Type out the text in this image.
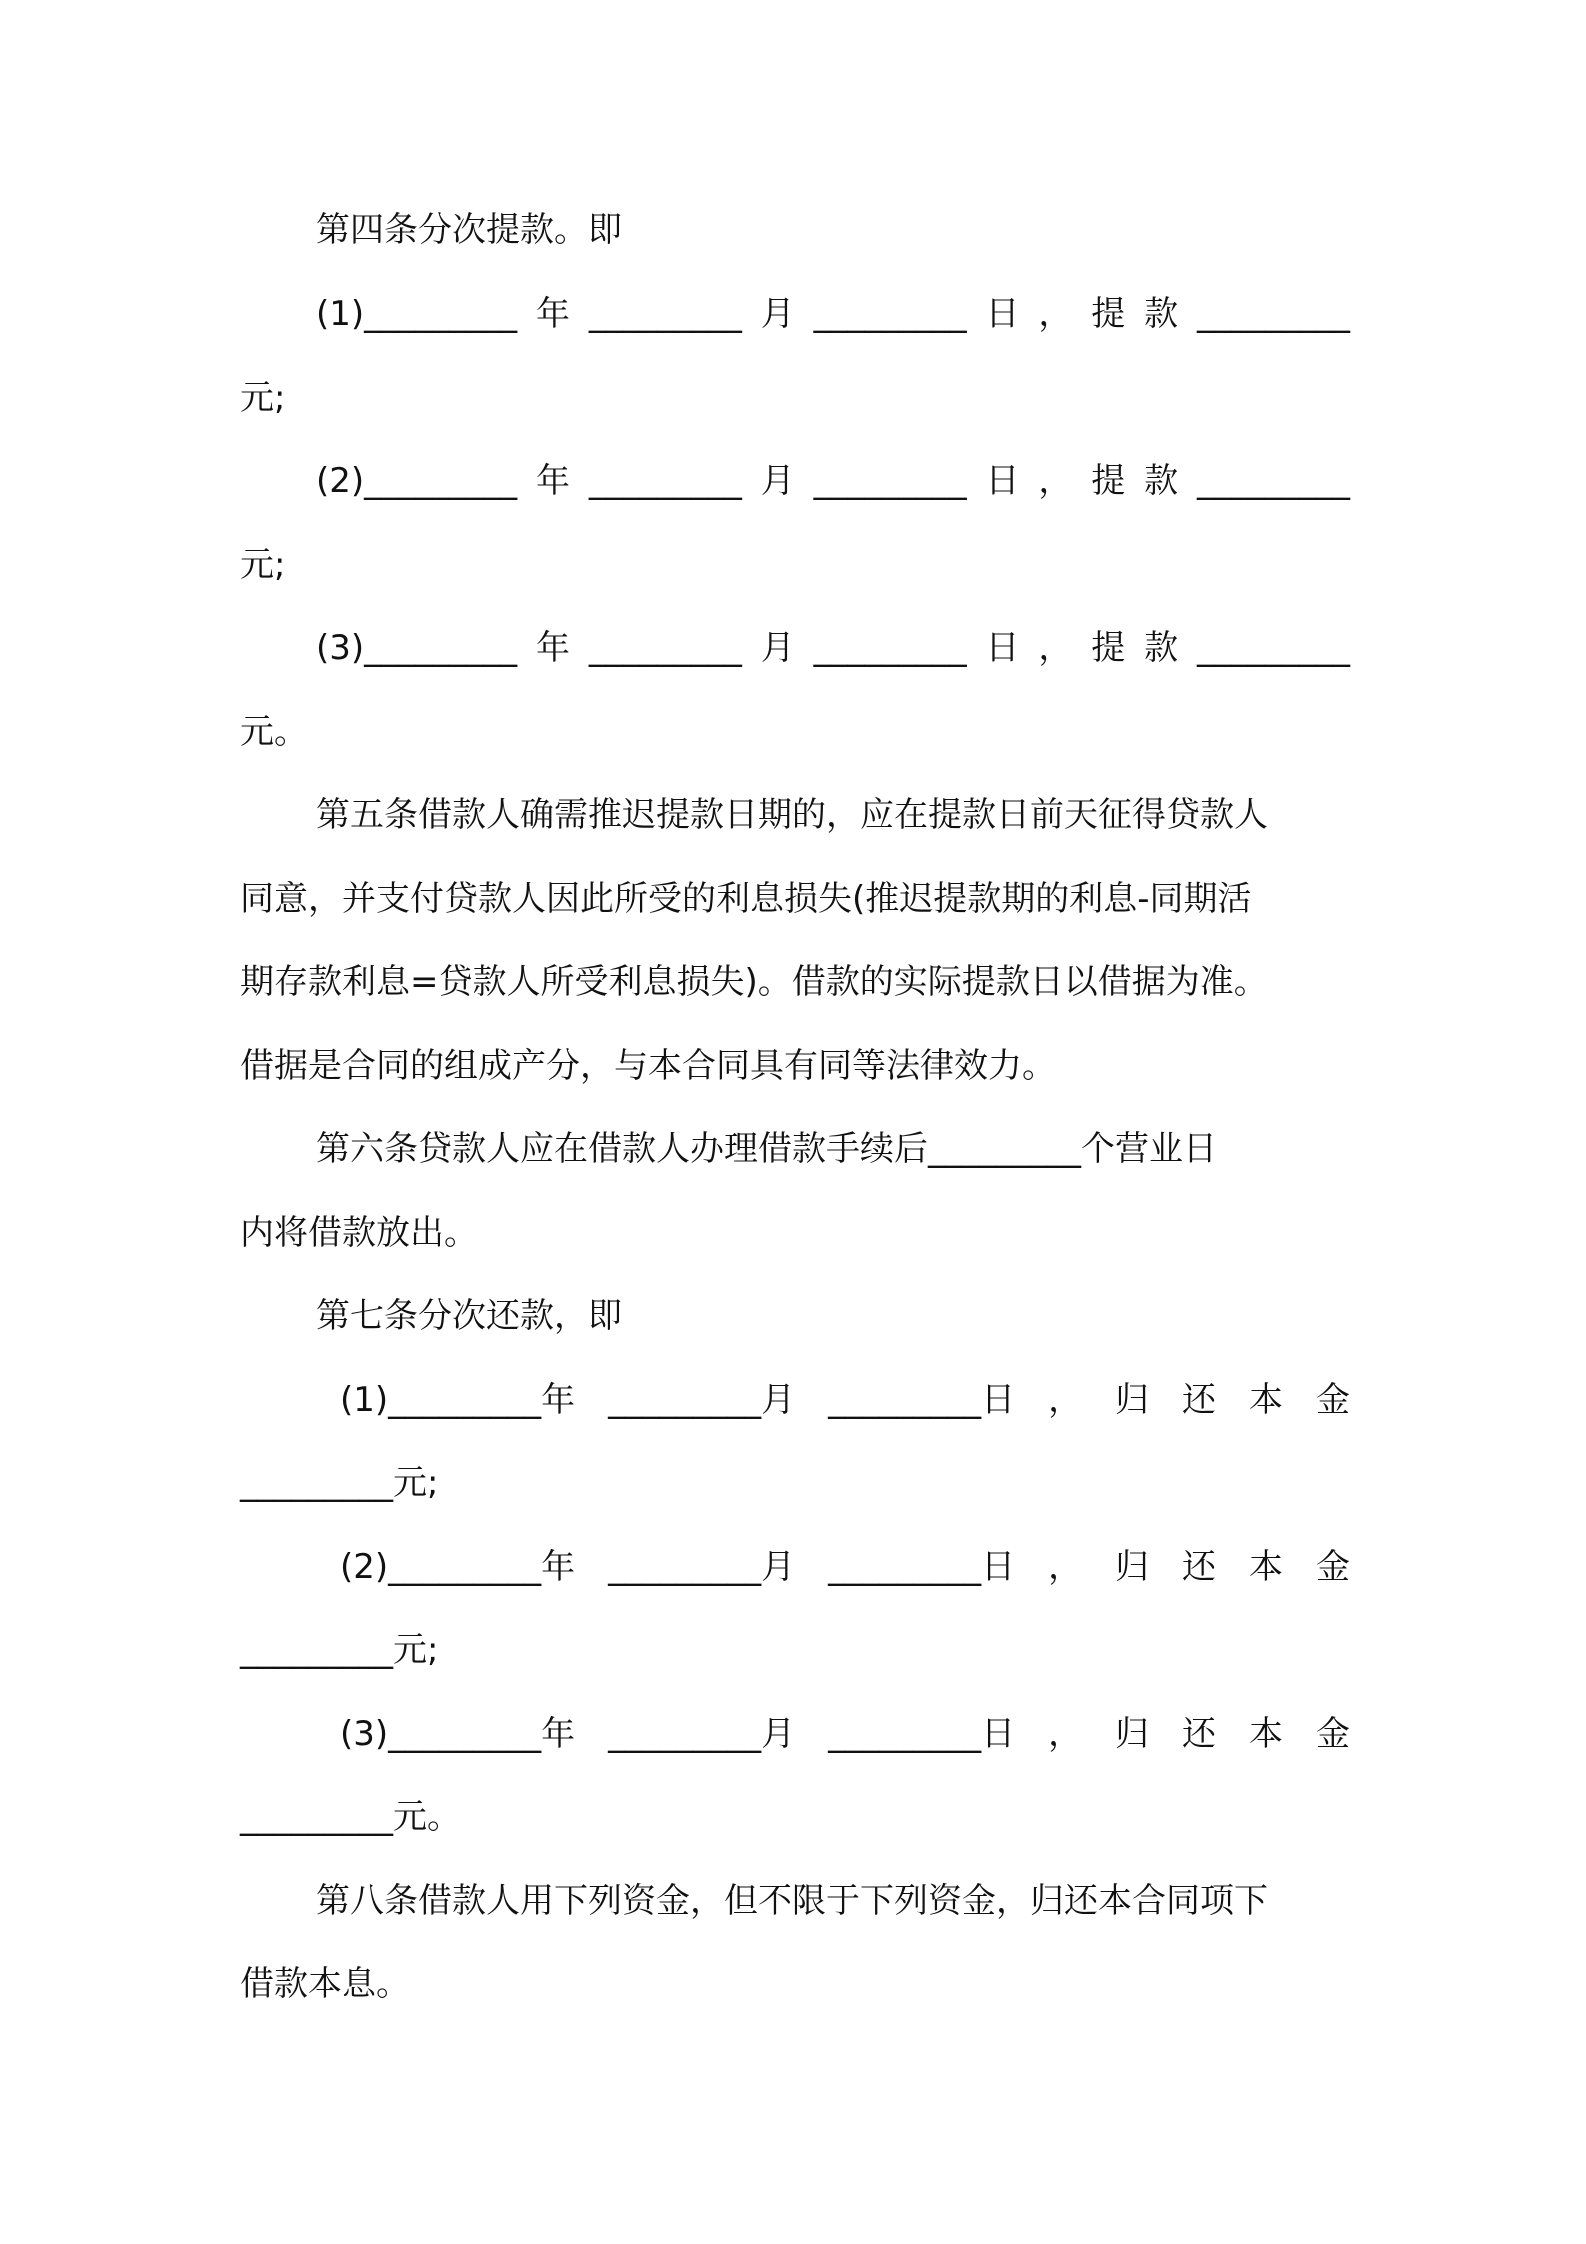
第四条分次提款。即
(1)_________年_________月_________日，提款_________
元;
(2)_________年_________月_________日，提款_________
元;
(3)_________年_________月_________日，提款_________
元。
第五条借款人确需推迟提款日期的，应在提款日前天征得贷款人
同意，并支付贷款人因此所受的利息损失(推迟提款期的利息-同期活
期存款利息=贷款人所受利息损失)。借款的实际提款日以借据为准。
借据是合同的组成产分，与本合同具有同等法律效力。
第六条贷款人应在借款人办理借款手续后_________个营业日
内将借款放出。
第七条分次还款，即
(1)_________年 _________月 _________日 ， 归 还 本 金
_________元;
(2)_________年 _________月 _________日 ， 归 还 本 金
_________元;
(3)_________年 _________月 _________日 ， 归 还 本 金
_________元。
第八条借款人用下列资金，但不限于下列资金，归还本合同项下
借款本息。
